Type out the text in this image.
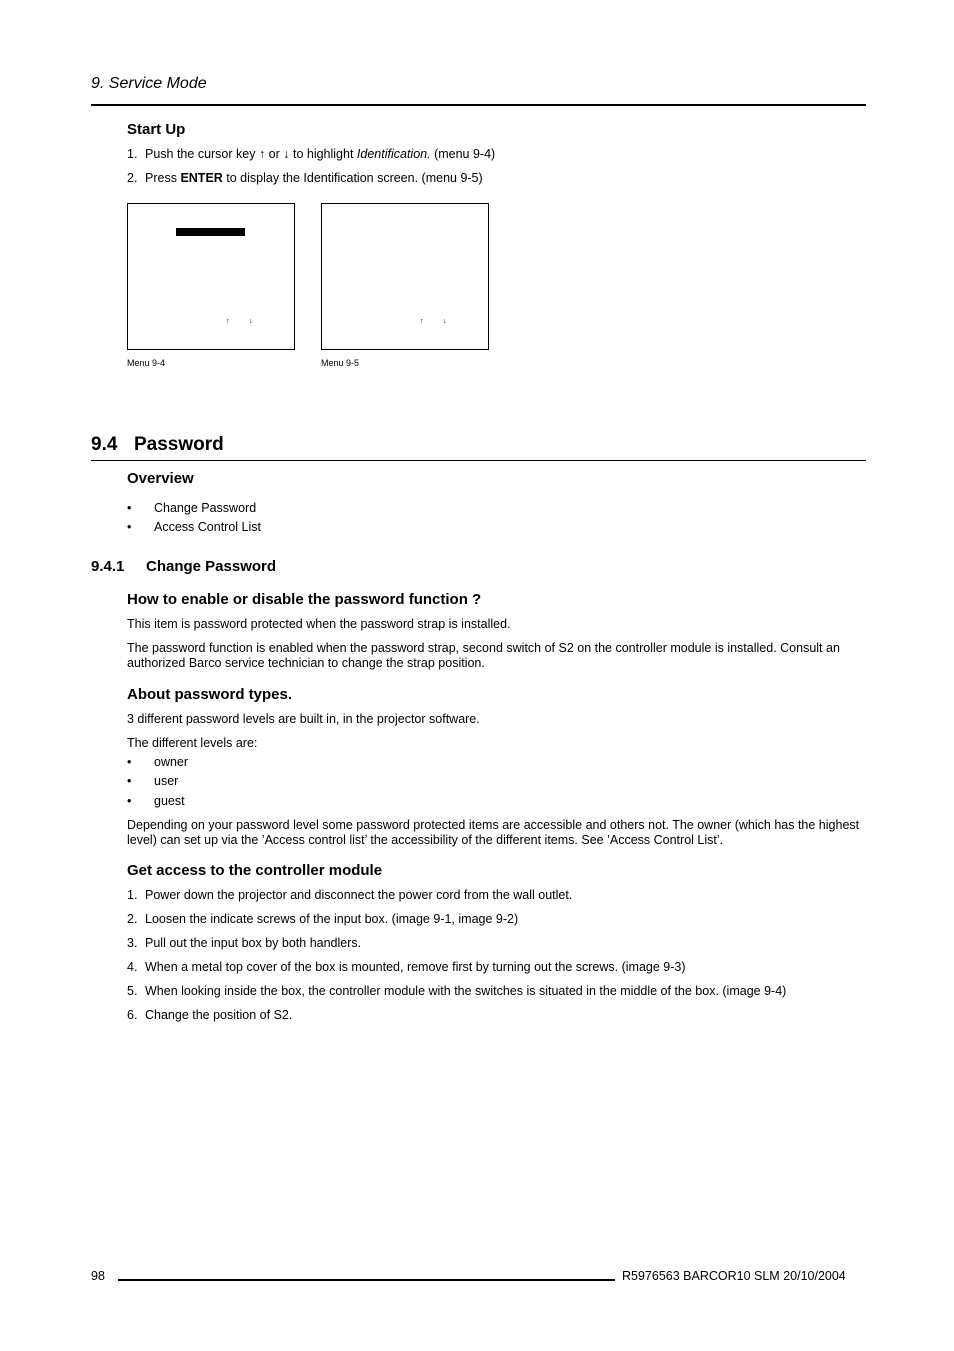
9. Service Mode
Start Up
1. Push the cursor key ↑ or ↓ to highlight Identification. (menu 9-4)
2. Press ENTER to display the Identification screen. (menu 9-5)
↑	↓
Menu 9-4
↑	↓
Menu 9-5
9.4 Password
Overview
• Change Password
• Access Control List
9.4.1 Change Password
How to enable or disable the password function ?
This item is password protected when the password strap is installed.
The password function is enabled when the password strap, second switch of S2 on the controller module is installed. Consult an authorized Barco service technician to change the strap position.
About password types.
3 different password levels are built in, in the projector software.
The different levels are:
• owner
• user
• guest
Depending on your password level some password protected items are accessible and others not. The owner (which has the highest level) can set up via the ’Access control list’ the accessibility of the different items. See ’Access Control List’.
Get access to the controller module
1. Power down the projector and disconnect the power cord from the wall outlet.
2. Loosen the indicate screws of the input box. (image 9-1, image 9-2)
3. Pull out the input box by both handlers.
4. When a metal top cover of the box is mounted, remove first by turning out the screws. (image 9-3)
5. When looking inside the box, the controller module with the switches is situated in the middle of the box. (image 9-4)
6. Change the position of S2.
98	R5976563 BARCOR10 SLM 20/10/2004
